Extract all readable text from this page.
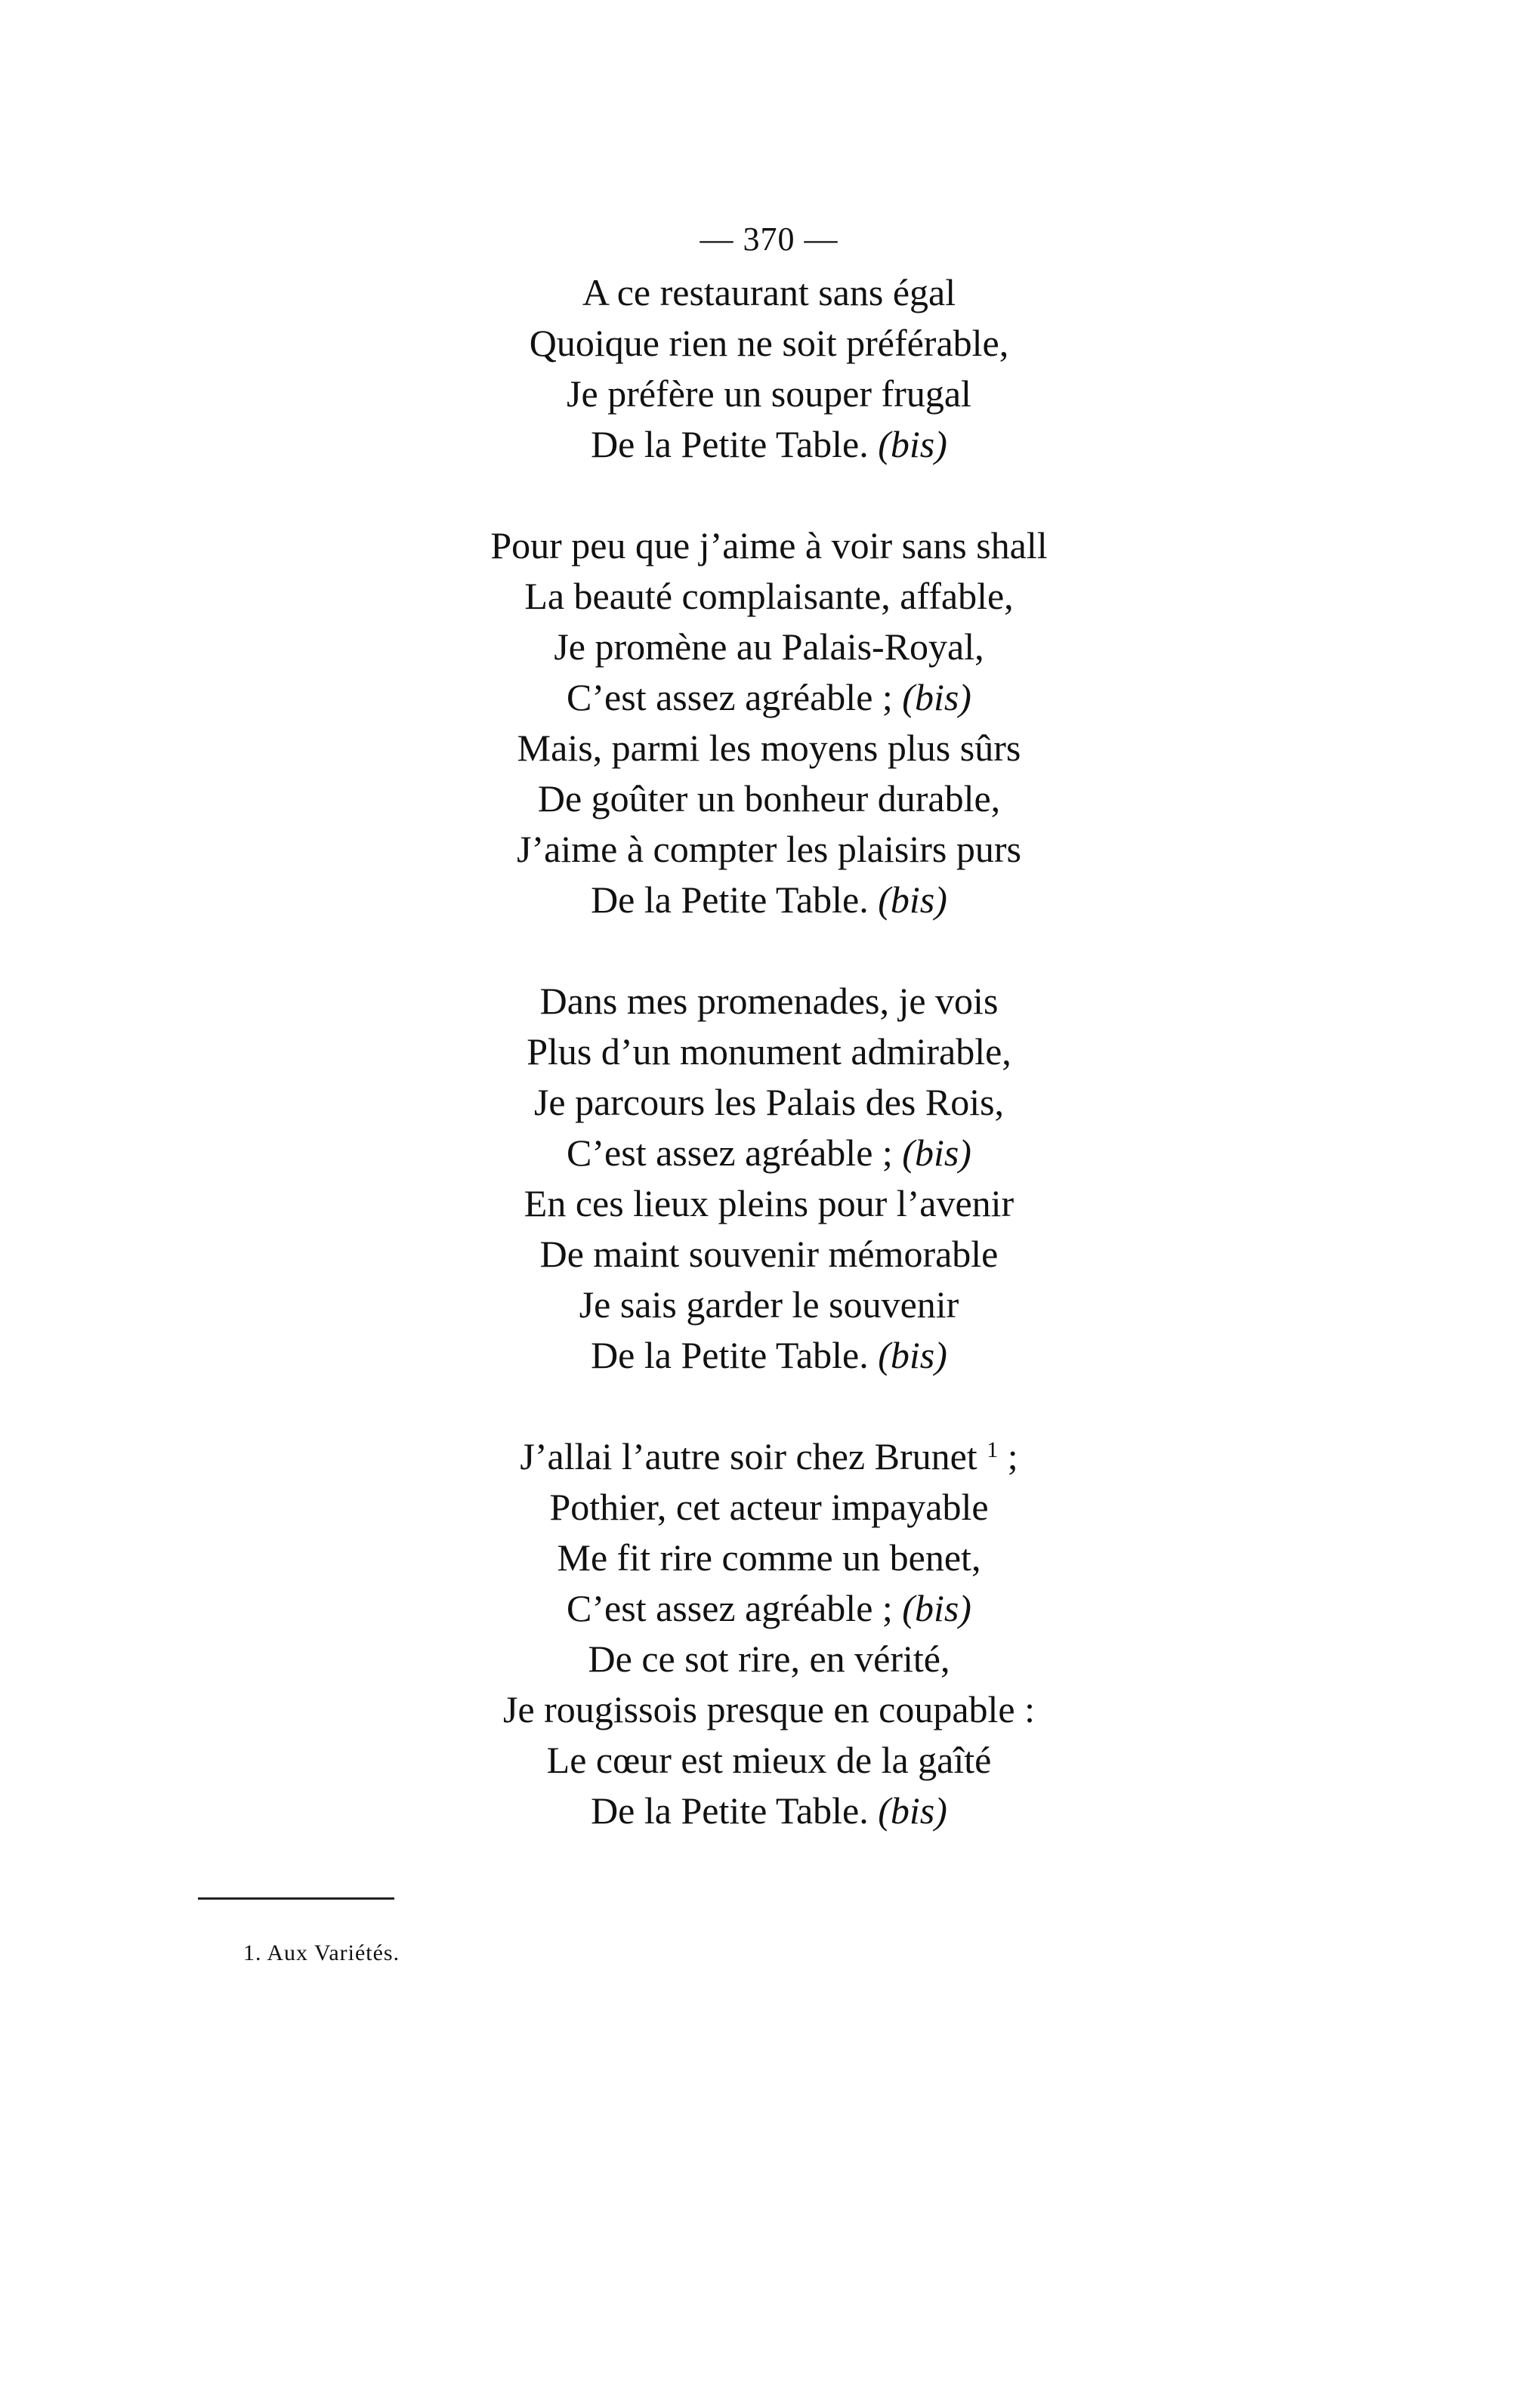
— 370 —
A ce restaurant sans égal
Quoique rien ne soit préférable,
Je préfère un souper frugal
De la Petite Table. (bis)
Pour peu que j’aime à voir sans shall
La beauté complaisante, affable,
Je promène au Palais-Royal,
C’est assez agréable ; (bis)
Mais, parmi les moyens plus sûrs
De goûter un bonheur durable,
J’aime à compter les plaisirs purs
De la Petite Table. (bis)
Dans mes promenades, je vois
Plus d’un monument admirable,
Je parcours les Palais des Rois,
C’est assez agréable ; (bis)
En ces lieux pleins pour l’avenir
De maint souvenir mémorable
Je sais garder le souvenir
De la Petite Table. (bis)
J’allai l’autre soir chez Brunet $^1$ ;
Pothier, cet acteur impayable
Me fit rire comme un benet,
C’est assez agréable ; (bis)
De ce sot rire, en vérité,
Je rougissois presque en coupable :
Le cœur est mieux de la gaîté
De la Petite Table. (bis)
1. Aux Variétés.
